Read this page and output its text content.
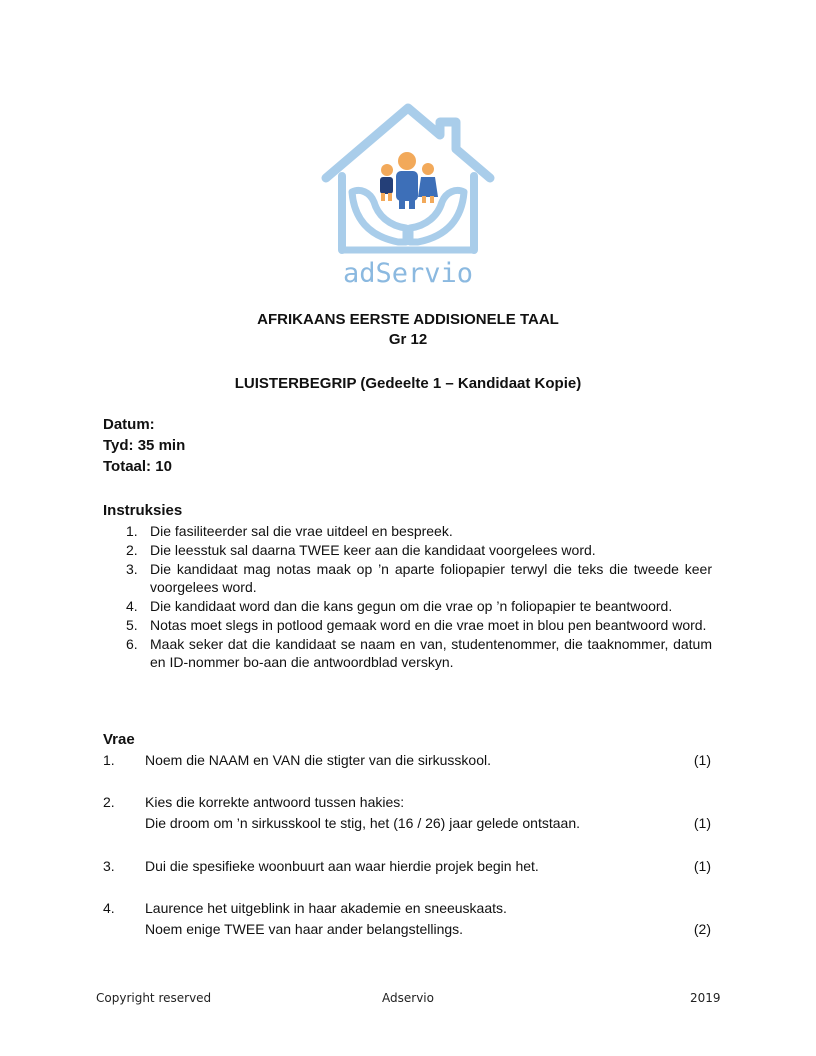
adServio
AFRIKAANS EERSTE ADDISIONELE TAAL
Gr 12
LUISTERBEGRIP (Gedeelte 1 – Kandidaat Kopie)
Datum:
Tyd: 35 min
Totaal: 10
Instruksies
1. Die fasiliteerder sal die vrae uitdeel en bespreek.
2. Die leesstuk sal daarna TWEE keer aan die kandidaat voorgelees word.
3. Die kandidaat mag notas maak op ’n aparte foliopapier terwyl die teks die tweede keer voorgelees word.
4. Die kandidaat word dan die kans gegun om die vrae op ’n foliopapier te beantwoord.
5. Notas moet slegs in potlood gemaak word en die vrae moet in blou pen beantwoord word.
6. Maak seker dat die kandidaat se naam en van, studentenommer, die taaknommer, datum en ID-nommer bo-aan die antwoordblad verskyn.
Vrae
1. Noem die NAAM en VAN die stigter van die sirkusskool.	(1)
2. Kies die korrekte antwoord tussen hakies:
Die droom om ’n sirkusskool te stig, het (16 / 26) jaar gelede ontstaan.	(1)
3. Dui die spesifieke woonbuurt aan waar hierdie projek begin het.	(1)
4. Laurence het uitgeblink in haar akademie en sneeuskaats.
Noem enige TWEE van haar ander belangstellings.	(2)
Copyright reserved	Adservio	2019
